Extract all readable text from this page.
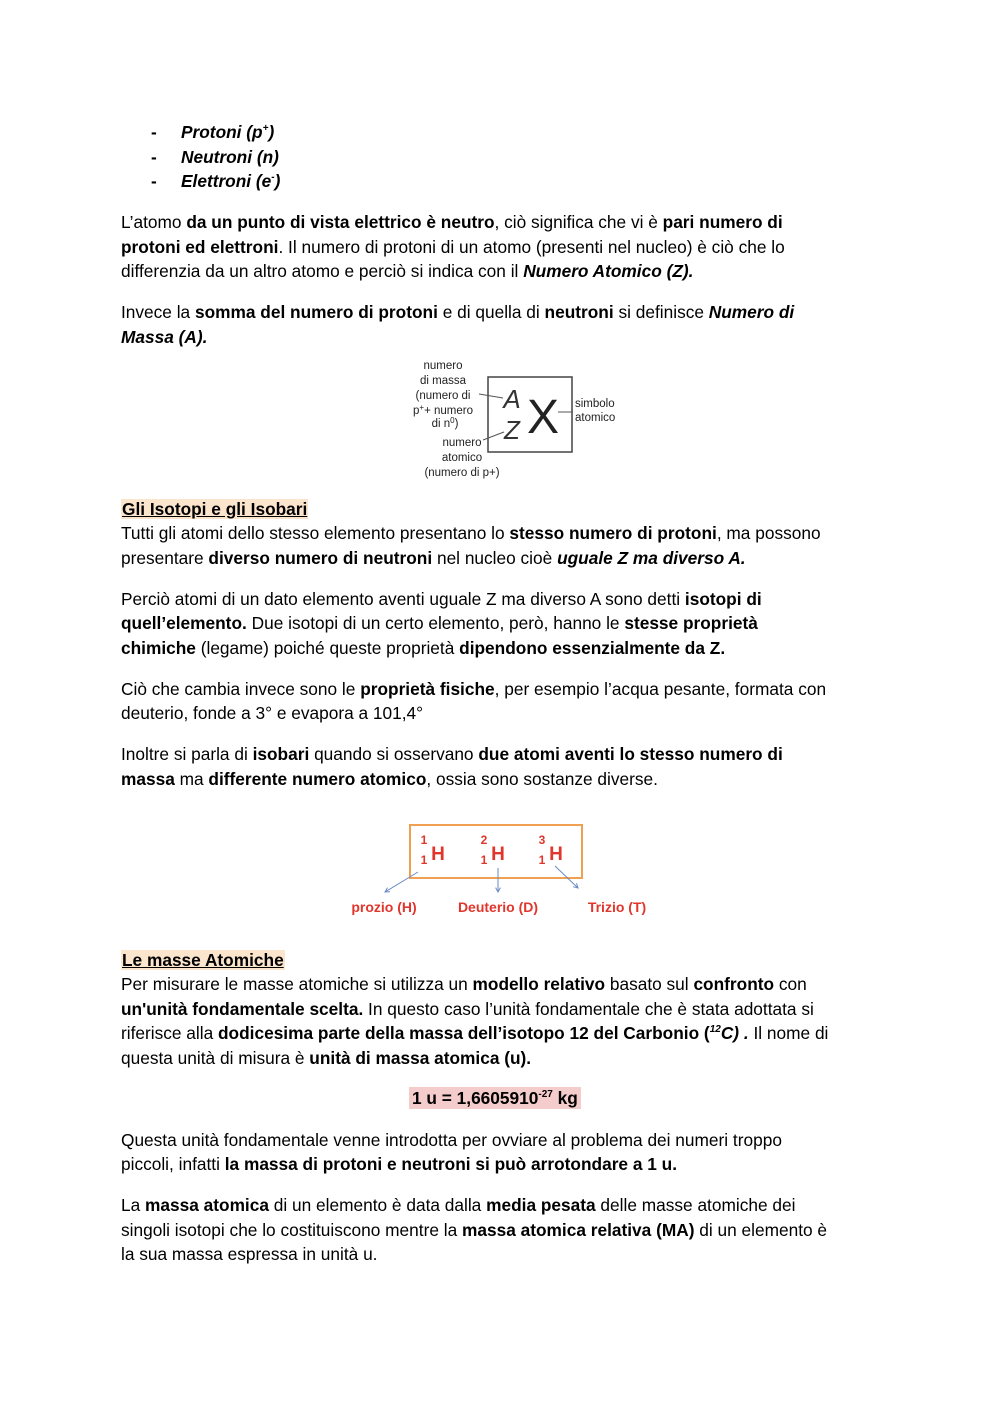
- Protoni (p+)
- Neutroni (n)
- Elettroni (e-)
L’atomo da un punto di vista elettrico è neutro, ciò significa che vi è pari numero di
protoni ed elettroni. Il numero di protoni di un atomo (presenti nel nucleo) è ciò che lo
differenzia da un altro atomo e perciò si indica con il Numero Atomico (Z).
Invece la somma del numero di protoni e di quella di neutroni si definisce Numero di
Massa (A).
numero
di massa
(numero di
p++ numero
di $n^0$)
numero
atomico
(numero di p+)
A
Z X simbolo
atomico
Gli Isotopi e gli Isobari
Tutti gli atomi dello stesso elemento presentano lo stesso numero di protoni, ma possono
presentare diverso numero di neutroni nel nucleo cioè uguale Z ma diverso A.
Perciò atomi di un dato elemento aventi uguale Z ma diverso A sono detti isotopi di
quell’elemento. Due isotopi di un certo elemento, però, hanno le stesse proprietà
chimiche (legame) poiché queste proprietà dipendono essenzialmente da Z.
Ciò che cambia invece sono le proprietà fisiche, per esempio l’acqua pesante, formata con
deuterio, fonde a 3° e evapora a 101,4°
Inoltre si parla di isobari quando si osservano due atomi aventi lo stesso numero di
massa ma differente numero atomico, ossia sono sostanze diverse.
1
1 H
prozio (H)
2
1 H
Deuterio (D)
3
1 H
Trizio (T)
Le masse Atomiche
Per misurare le masse atomiche si utilizza un modello relativo basato sul confronto con
un'unità fondamentale scelta. In questo caso l’unità fondamentale che è stata adottata si
riferisce alla dodicesima parte della massa dell’isotopo 12 del Carbonio ($^{12}$C) . Il nome di
questa unità di misura è unità di massa atomica (u).
1 $u = 1,6605910^{-27}$ kg
Questa unità fondamentale venne introdotta per ovviare al problema dei numeri troppo
piccoli, infatti la massa di protoni e neutroni si può arrotondare a 1 u.
La massa atomica di un elemento è data dalla media pesata delle masse atomiche dei
singoli isotopi che lo costituiscono mentre la massa atomica relativa (MA) di un elemento è
la sua massa espressa in unità u.
